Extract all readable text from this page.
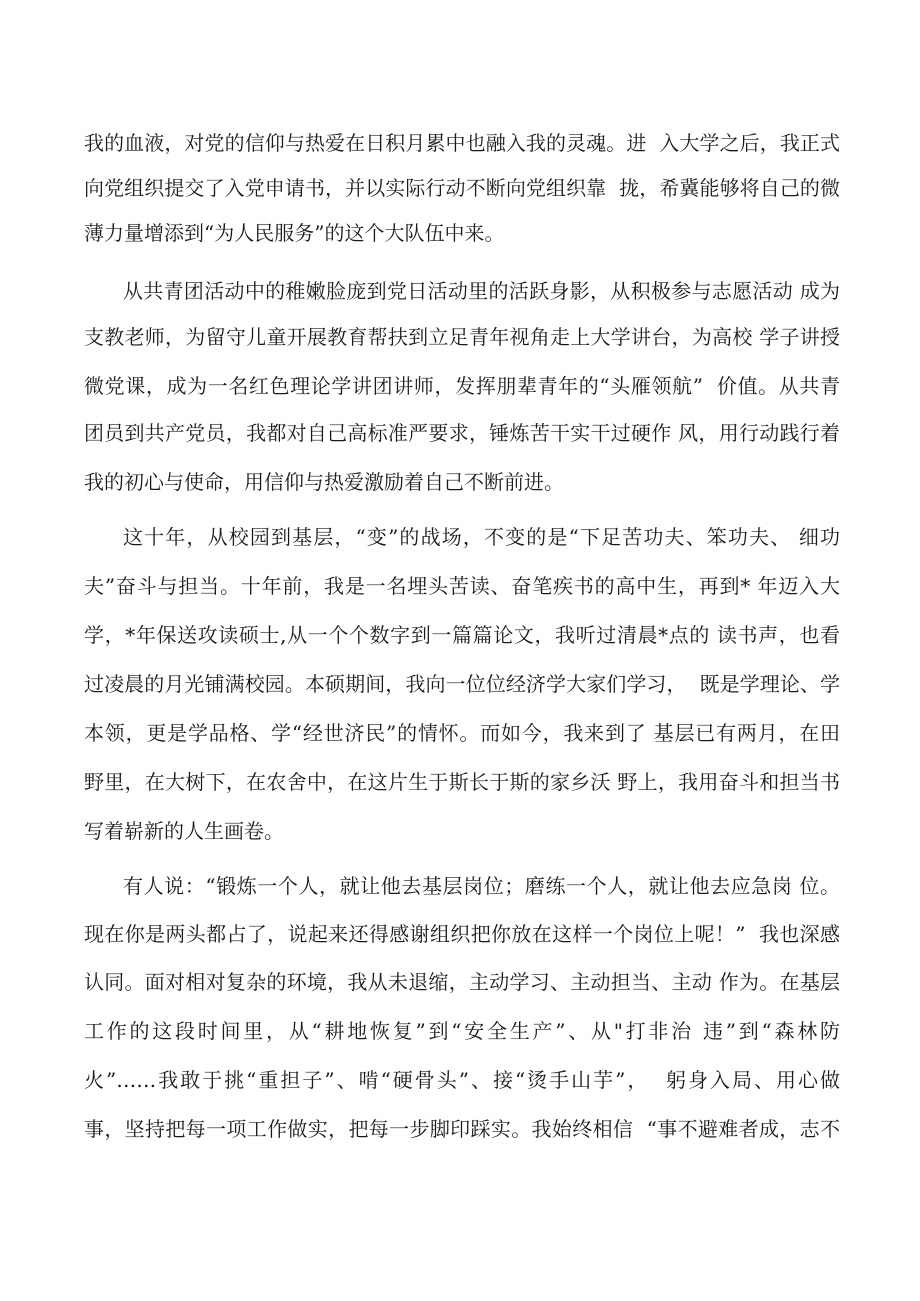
我的血液，对党的信仰与热爱在日积月累中也融入我的灵魂。进  入大学之后，我正式

向党组织提交了入党申请书，并以实际行动不断向党组织靠  拢，希冀能够将自己的微

薄力量增添到“为人民服务”的这个大队伍中来。

从共青团活动中的稚嫩脸庞到党日活动里的活跃身影，从积极参与志愿活动 成为

支教老师，为留守儿童开展教育帮扶到立足青年视角走上大学讲台，为高校 学子讲授

微党课，成为一名红色理论学讲团讲师，发挥朋辈青年的“头雁领航”  价值。从共青

团员到共产党员，我都对自己高标准严要求，锤炼苦干实干过硬作 风，用行动践行着

我的初心与使命，用信仰与热爱激励着自己不断前进。

这十年，从校园到基层，“变”的战场，不变的是“下足苦功夫、笨功夫、 细功

夫”奋斗与担当。十年前，我是一名埋头苦读、奋笔疾书的高中生，再到* 年迈入大

学，*年保送攻读硕士,从一个个数字到一篇篇论文，我听过清晨*点的 读书声，也看

过凌晨的月光铺满校园。本硕期间，我向一位位经济学大家们学习，  既是学理论、学

本领，更是学品格、学“经世济民”的情怀。而如今，我来到了 基层已有两月，在田

野里，在大树下，在农舍中，在这片生于斯长于斯的家乡沃 野上，我用奋斗和担当书

写着崭新的人生画卷。

有人说：“锻炼一个人，就让他去基层岗位；磨练一个人，就让他去应急岗 位。

现在你是两头都占了，说起来还得感谢组织把你放在这样一个岗位上呢！”  我也深感

认同。面对相对复杂的环境，我从未退缩，主动学习、主动担当、主动 作为。在基层

工作的这段时间里，从“耕地恢复”到“安全生产”、从"打非治 违”到“森林防

火”……我敢于挑“重担子”、啃“硬骨头”、接“烫手山芋”，  躬身入局、用心做

事，坚持把每一项工作做实，把每一步脚印踩实。我始终相信  “事不避难者成，志不
